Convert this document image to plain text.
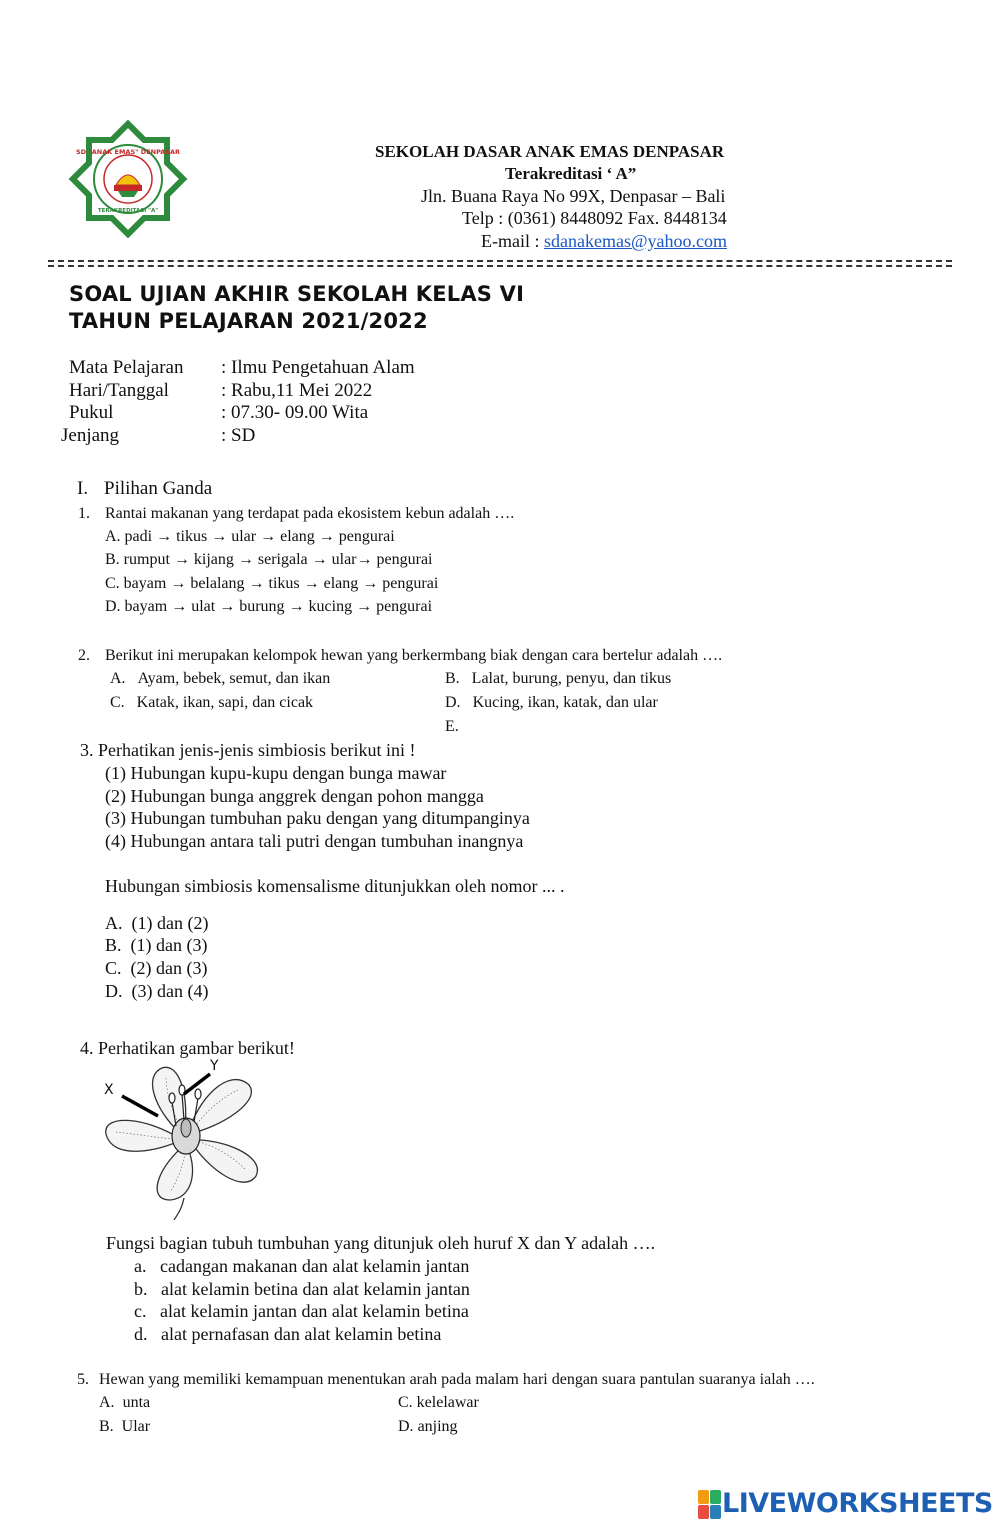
SD "ANAK EMAS" DENPASAR
TERAKREDITASI "A"
SEKOLAH DASAR ANAK EMAS DENPASAR
Terakreditasi ‘ A”
Jln. Buana Raya No 99X, Denpasar – Bali
Telp : (0361) 8448092 Fax. 8448134
E-mail : sdanakemas@yahoo.com
SOAL UJIAN AKHIR SEKOLAH KELAS VI
TAHUN PELAJARAN 2021/2022
Mata Pelajaran : Ilmu Pengetahuan Alam
Hari/Tanggal	: Rabu,11 Mei 2022
Pukul	: 07.30- 09.00 Wita
Jenjang	: SD
I. Pilihan Ganda
1. Rantai makanan yang terdapat pada ekosistem kebun adalah ….
A. padi → tikus → ular → elang → pengurai
B. rumput → kijang → serigala → ular→ pengurai
C. bayam → belalang → tikus → elang → pengurai
D. bayam → ulat → burung → kucing → pengurai
2. Berikut ini merupakan kelompok hewan yang berkermbang biak dengan cara bertelur adalah ….
A. Ayam, bebek, semut, dan ikan	B. Lalat, burung, penyu, dan tikus
C. Katak, ikan, sapi, dan cicak	D. Kucing, ikan, katak, dan ular
E.
3. Perhatikan jenis-jenis simbiosis berikut ini !
(1) Hubungan kupu-kupu dengan bunga mawar
(2) Hubungan bunga anggrek dengan pohon mangga
(3) Hubungan tumbuhan paku dengan yang ditumpanginya
(4) Hubungan antara tali putri dengan tumbuhan inangnya
Hubungan simbiosis komensalisme ditunjukkan oleh nomor ... .
A. (1) dan (2)
B. (1) dan (3)
C. (2) dan (3)
D. (3) dan (4)
4. Perhatikan gambar berikut!
X
Y
Fungsi bagian tubuh tumbuhan yang ditunjuk oleh huruf X dan Y adalah ….
a. cadangan makanan dan alat kelamin jantan
b. alat kelamin betina dan alat kelamin jantan
c. alat kelamin jantan dan alat kelamin betina
d. alat pernafasan dan alat kelamin betina
5. Hewan yang memiliki kemampuan menentukan arah pada malam hari dengan suara pantulan suaranya ialah ….
A. unta	C. kelelawar
B. Ular	D. anjing
LIVEWORKSHEETS
